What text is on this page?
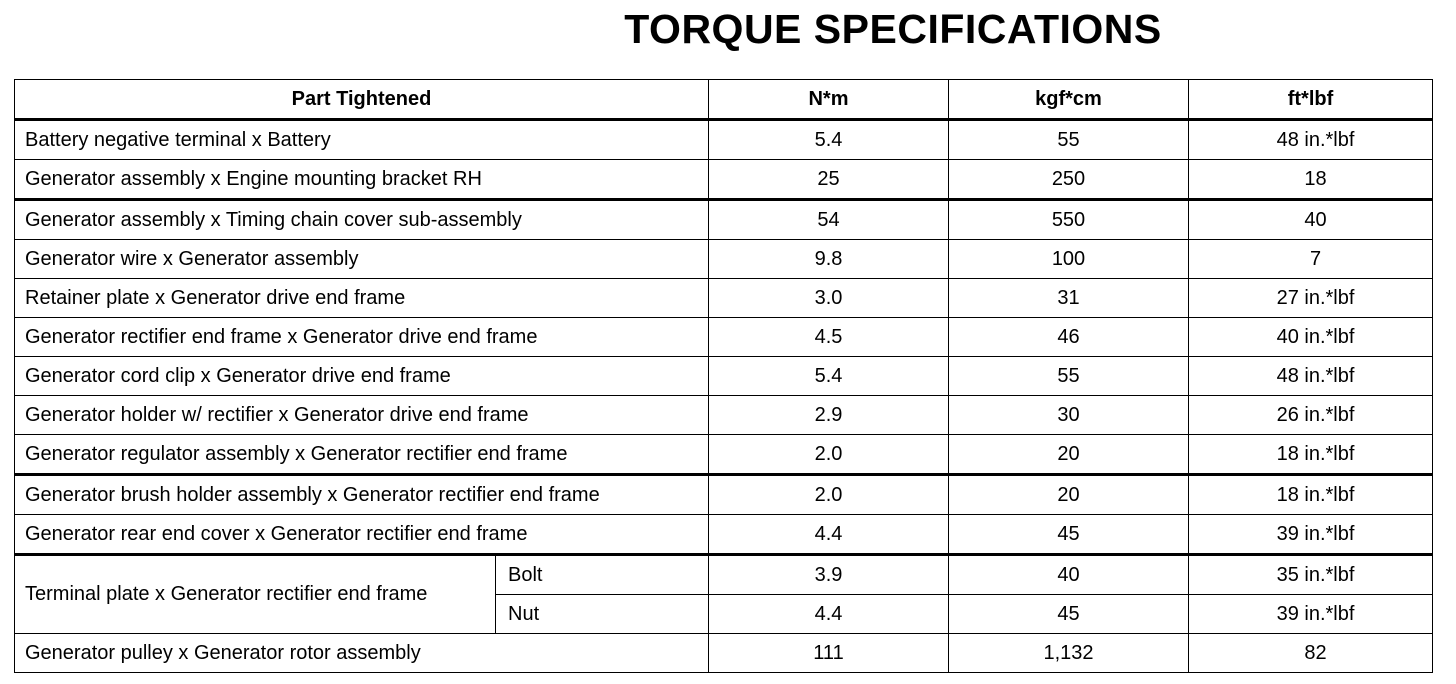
TORQUE SPECIFICATIONS
Part Tightened		N*m	kgf*cm	ft*lbf
Battery negative terminal x Battery		5.4	55	48 in.*lbf
Generator assembly x Engine mounting bracket RH		25	250	18
Generator assembly x Timing chain cover sub-assembly		54	550	40
Generator wire x Generator assembly		9.8	100	7
Retainer plate x Generator drive end frame		3.0	31	27 in.*lbf
Generator rectifier end frame x Generator drive end frame		4.5	46	40 in.*lbf
Generator cord clip x Generator drive end frame		5.4	55	48 in.*lbf
Generator holder w/ rectifier x Generator drive end frame		2.9	30	26 in.*lbf
Generator regulator assembly x Generator rectifier end frame		2.0	20	18 in.*lbf
Generator brush holder assembly x Generator rectifier end frame		2.0	20	18 in.*lbf
Generator rear end cover x Generator rectifier end frame		4.4	45	39 in.*lbf
Terminal plate x Generator rectifier end frame	Bolt	3.9	40	35 in.*lbf
	Nut	4.4	45	39 in.*lbf
Generator pulley x Generator rotor assembly		111	1,132	82
